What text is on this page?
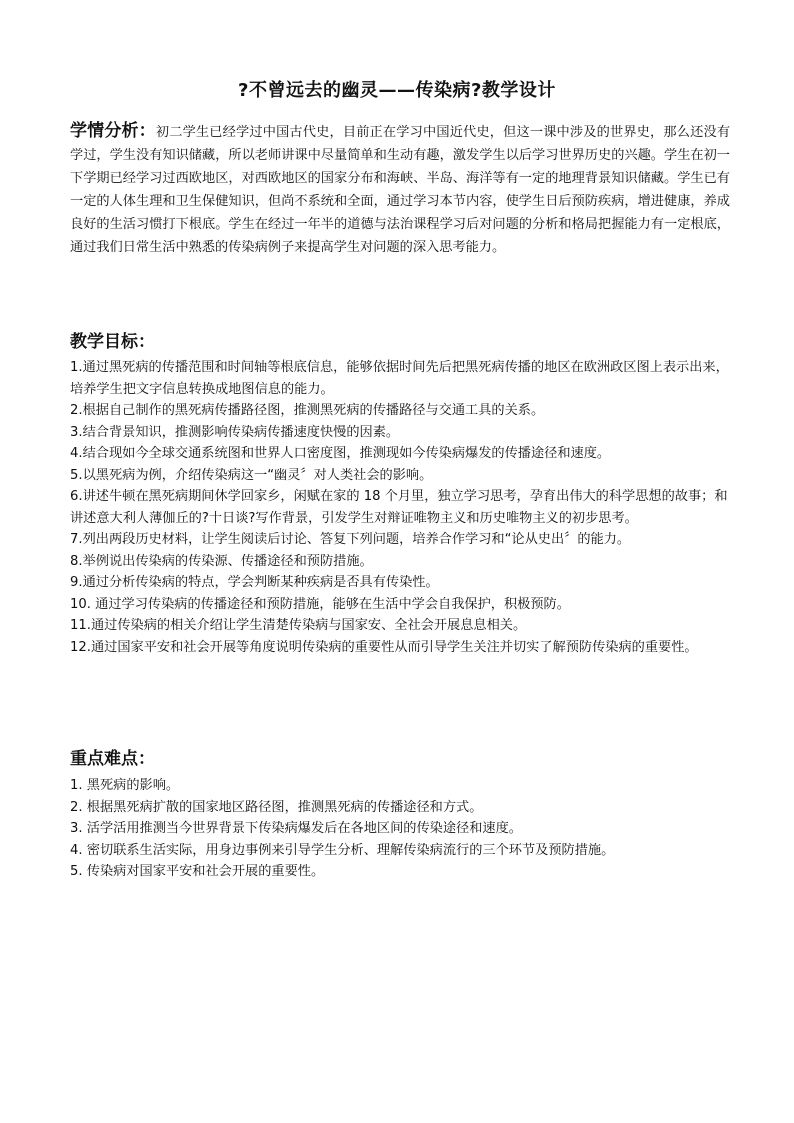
?不曾远去的幽灵——传染病?教学设计
学情分析：初二学生已经学过中国古代史，目前正在学习中国近代史，但这一课中涉及的世界史，那么还没有学过，学生没有知识储藏，所以老师讲课中尽量简单和生动有趣，激发学生以后学习世界历史的兴趣。学生在初一下学期已经学习过西欧地区，对西欧地区的国家分布和海峡、半岛、海洋等有一定的地理背景知识储藏。学生已有一定的人体生理和卫生保健知识，但尚不系统和全面，通过学习本节内容，使学生日后预防疾病，增进健康，养成良好的生活习惯打下根底。学生在经过一年半的道德与法治课程学习后对问题的分析和格局把握能力有一定根底，通过我们日常生活中熟悉的传染病例子来提高学生对问题的深入思考能力。
教学目标：

1.通过黑死病的传播范围和时间轴等根底信息，能够依据时间先后把黑死病传播的地区在欧洲政区图上表示出来，培养学生把文字信息转换成地图信息的能力。

2.根据自己制作的黑死病传播路径图，推测黑死病的传播路径与交通工具的关系。

3.结合背景知识，推测影响传染病传播速度快慢的因素。

4.结合现如今全球交通系统图和世界人口密度图，推测现如今传染病爆发的传播途径和速度。

5.以黑死病为例，介绍传染病这一“幽灵〞对人类社会的影响。

6.讲述牛顿在黑死病期间休学回家乡，闲赋在家的 18 个月里，独立学习思考，孕育出伟大的科学思想的故事；和讲述意大利人薄伽丘的?十日谈?写作背景，引发学生对辩证唯物主义和历史唯物主义的初步思考。

7.列出两段历史材料，让学生阅读后讨论、答复下列问题，培养合作学习和“论从史出〞的能力。

8.举例说出传染病的传染源、传播途径和预防措施。

9.通过分析传染病的特点，学会判断某种疾病是否具有传染性。

10. 通过学习传染病的传播途径和预防措施，能够在生活中学会自我保护，积极预防。

11.通过传染病的相关介绍让学生清楚传染病与国家安、全社会开展息息相关。

12.通过国家平安和社会开展等角度说明传染病的重要性从而引导学生关注并切实了解预防传染病的重要性。

重点难点：

1. 黑死病的影响。

2. 根据黑死病扩散的国家地区路径图，推测黑死病的传播途径和方式。

3. 活学活用推测当今世界背景下传染病爆发后在各地区间的传染途径和速度。

4. 密切联系生活实际，用身边事例来引导学生分析、理解传染病流行的三个环节及预防措施。

5. 传染病对国家平安和社会开展的重要性。
